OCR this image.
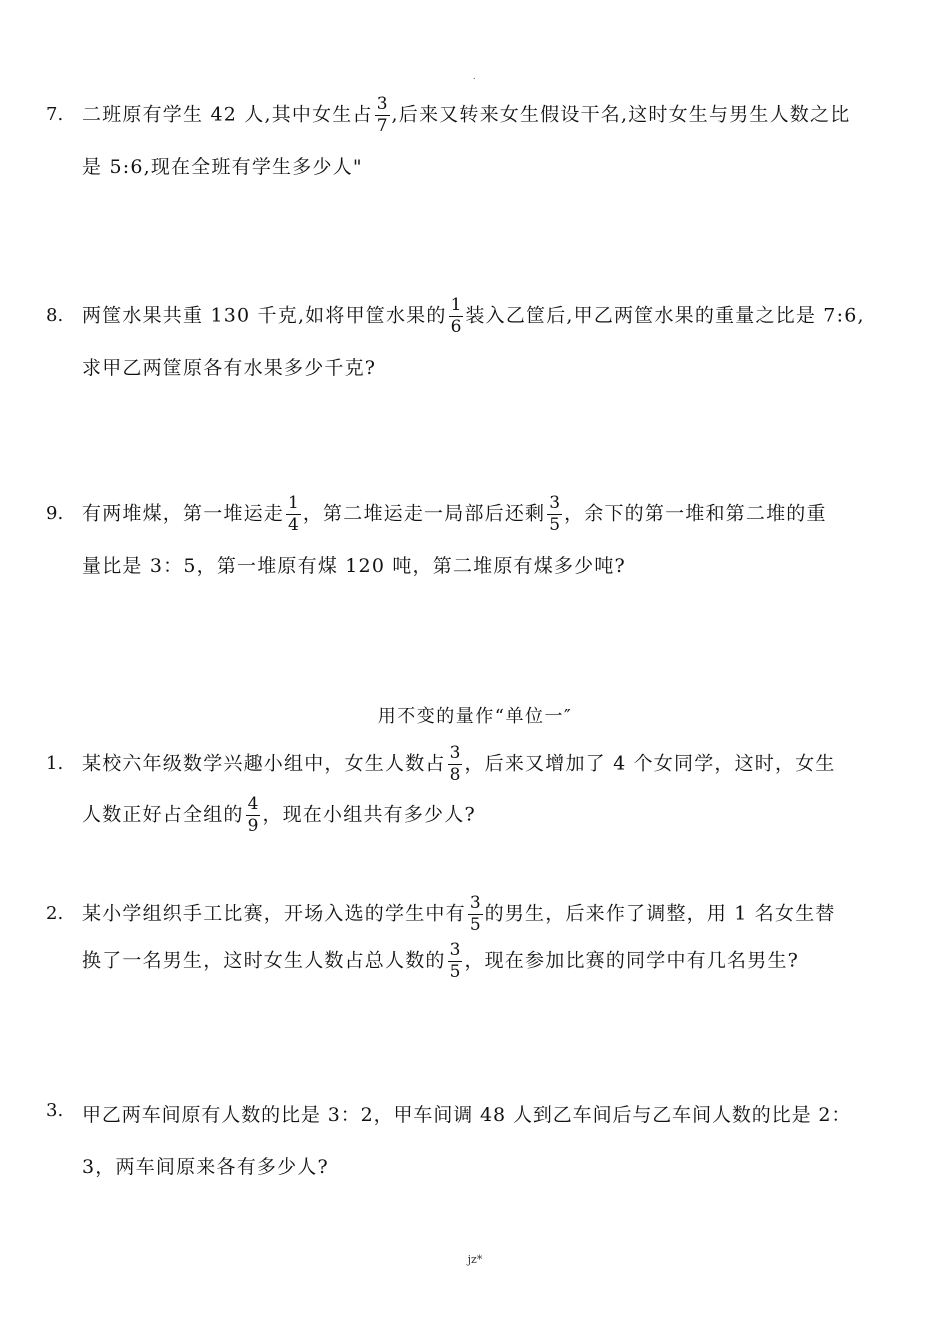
.
7. 二班原有学生 42 人,其中女生占 $\frac{3}{7}$ ,后来又转来女生假设干名,这时女生与男生人数之比
是 5:6,现在全班有学生多少人"
8. 两筐水果共重 130 千克,如将甲筐水果的 $\frac{1}{6}$ 装入乙筐后,甲乙两筐水果的重量之比是 7:6,
求甲乙两筐原各有水果多少千克?
9. 有两堆煤，第一堆运走 $\frac{1}{4}$ ，第二堆运走一局部后还剩 $\frac{3}{5}$ ，余下的第一堆和第二堆的重
量比是 3：5，第一堆原有煤 120 吨，第二堆原有煤多少吨?
用不变的量作“单位一″
1. 某校六年级数学兴趣小组中，女生人数占 $\frac{3}{8}$ ，后来又增加了 4 个女同学，这时，女生
人数正好占全组的 $\frac{4}{9}$ ，现在小组共有多少人?
2. 某小学组织手工比赛，开场入选的学生中有 $\frac{3}{5}$ 的男生，后来作了调整，用 1 名女生替
换了一名男生，这时女生人数占总人数的 $\frac{3}{5}$ ，现在参加比赛的同学中有几名男生?
3. 甲乙两车间原有人数的比是 3：2，甲车间调 48 人到乙车间后与乙车间人数的比是 2：
3，两车间原来各有多少人?
jz*
